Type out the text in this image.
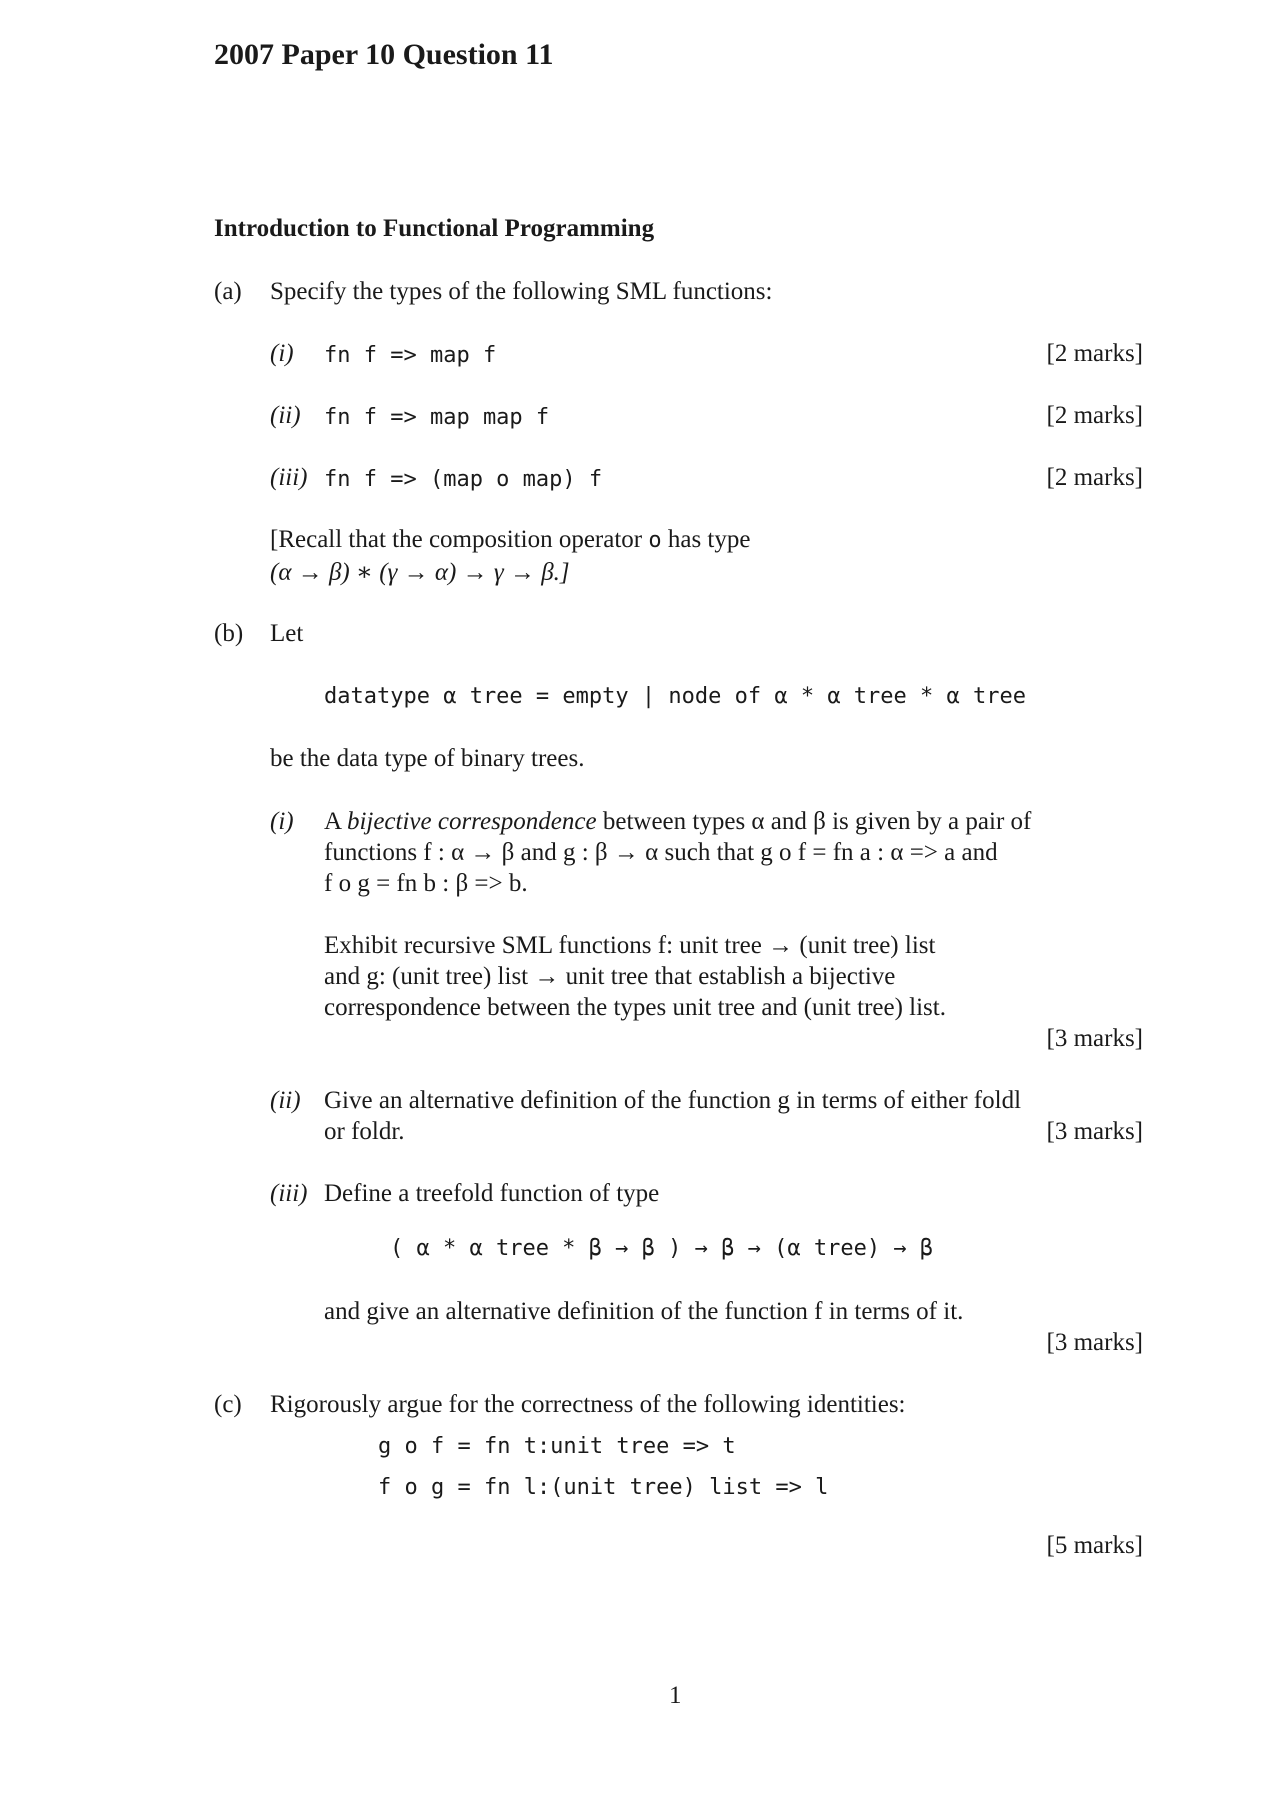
2007 Paper 10 Question 11
Introduction to Functional Programming
(a) Specify the types of the following SML functions:
(i) fn f => map f	[2 marks]
(ii) fn f => map map f	[2 marks]
(iii) fn f => (map o map) f	[2 marks]
[Recall that the composition operator o has type
(α → β) ∗ (γ → α) → γ → β.]
(b) Let
datatype α tree = empty | node of α * α tree * α tree
be the data type of binary trees.
(i) A bijective correspondence between types α and β is given by a pair of
functions f : α → β and g : β → α such that g o f = fn a : α => a and
f o g = fn b : β => b.
Exhibit recursive SML functions f: unit tree → (unit tree) list
and g: (unit tree) list → unit tree that establish a bijective
correspondence between the types unit tree and (unit tree) list.
[3 marks]
(ii) Give an alternative definition of the function g in terms of either foldl
or foldr.	[3 marks]
(iii) Define a treefold function of type
( α * α tree * β → β ) → β → (α tree) → β
and give an alternative definition of the function f in terms of it.
[3 marks]
(c) Rigorously argue for the correctness of the following identities:
g o f = fn t:unit tree => t
f o g = fn l:(unit tree) list => l
[5 marks]
1
